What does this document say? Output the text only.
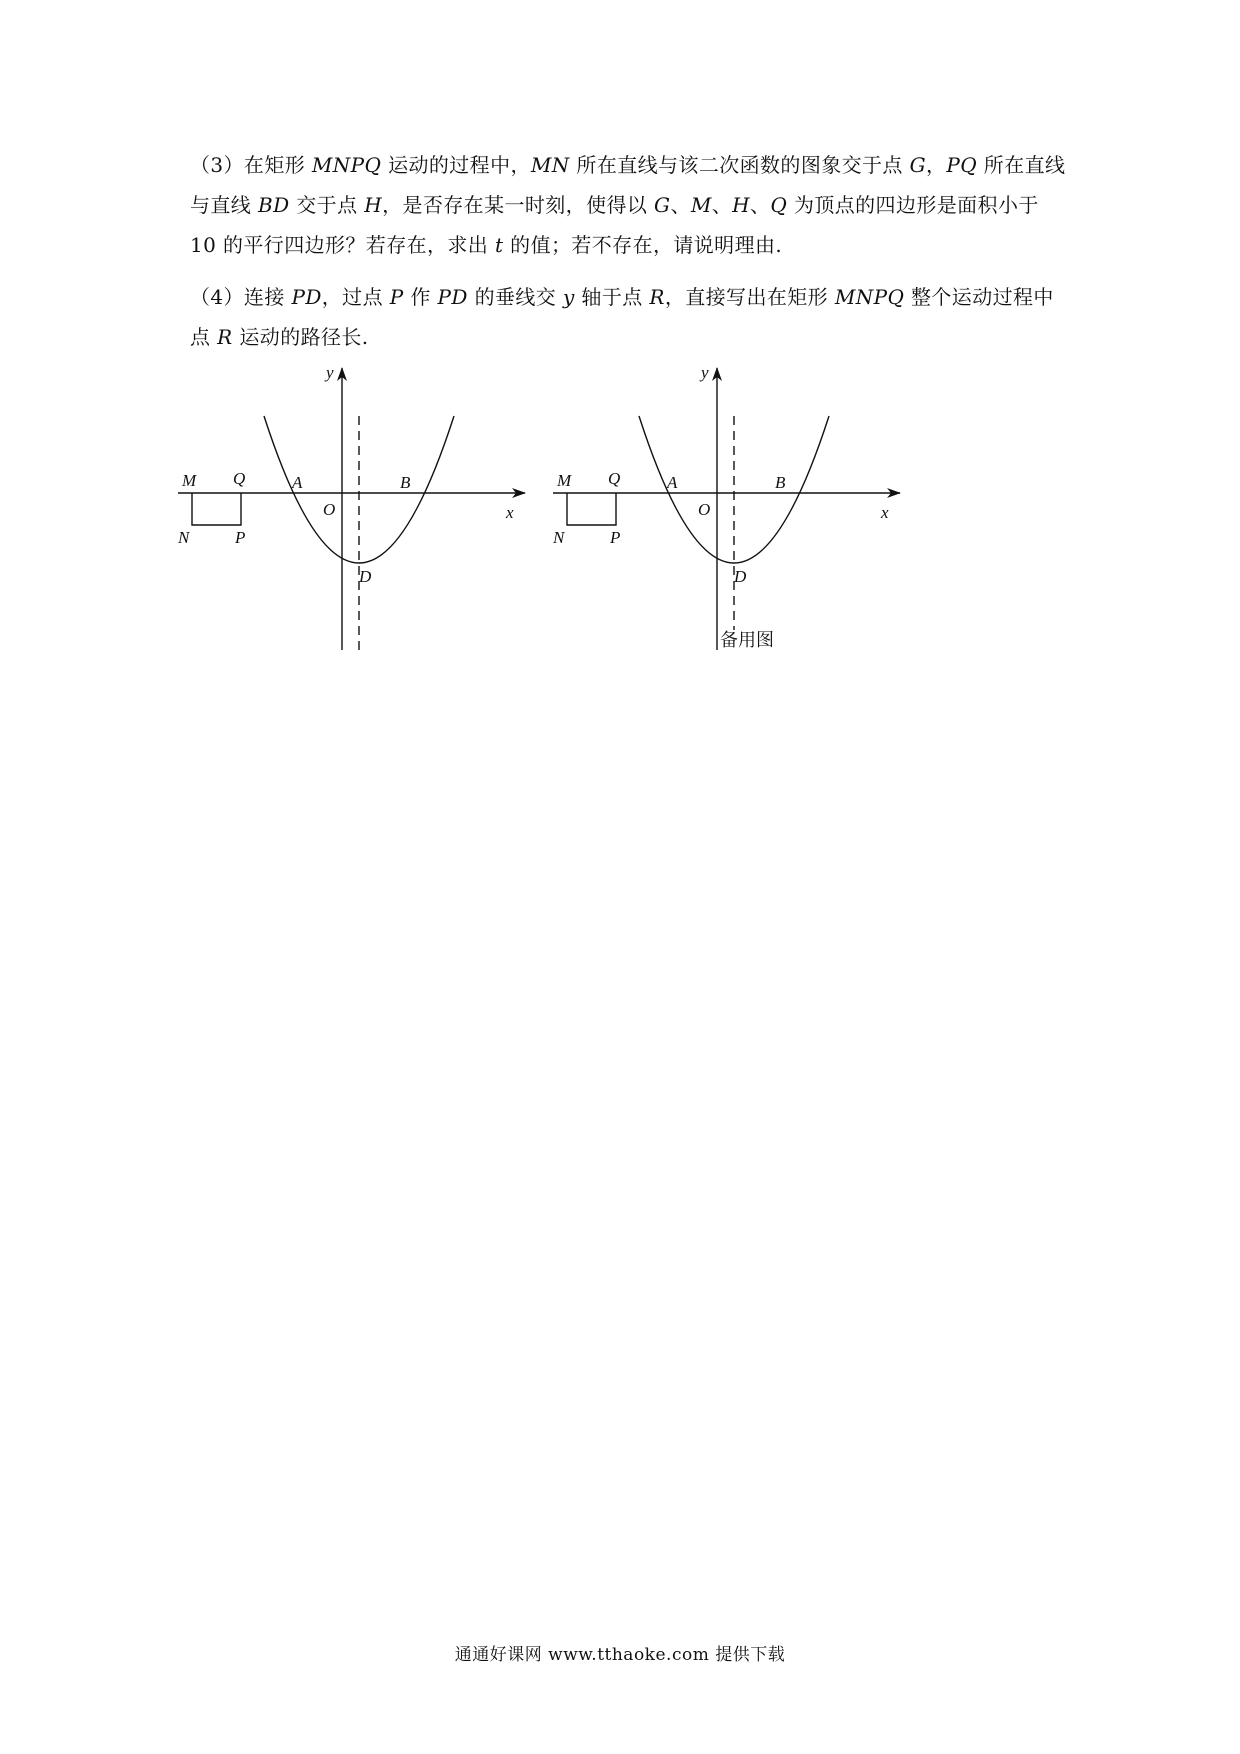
（3）在矩形 MNPQ 运动的过程中，MN 所在直线与该二次函数的图象交于点 G，PQ 所在直线与直线 BD 交于点 H，是否存在某一时刻，使得以 G、M、H、Q 为顶点的四边形是面积小于 10 的平行四边形？若存在，求出 t 的值；若不存在，请说明理由.

（4）连接 PD，过点 P 作 PD 的垂线交 y 轴于点 R，直接写出在矩形 MNPQ 整个运动过程中点 R 运动的路径长.

y
x
M Q	A
O
B
N	P
D
y
x
M Q	A
O
B
N	P
D
备用图
通通好课网 www.tthaoke.com 提供下载
